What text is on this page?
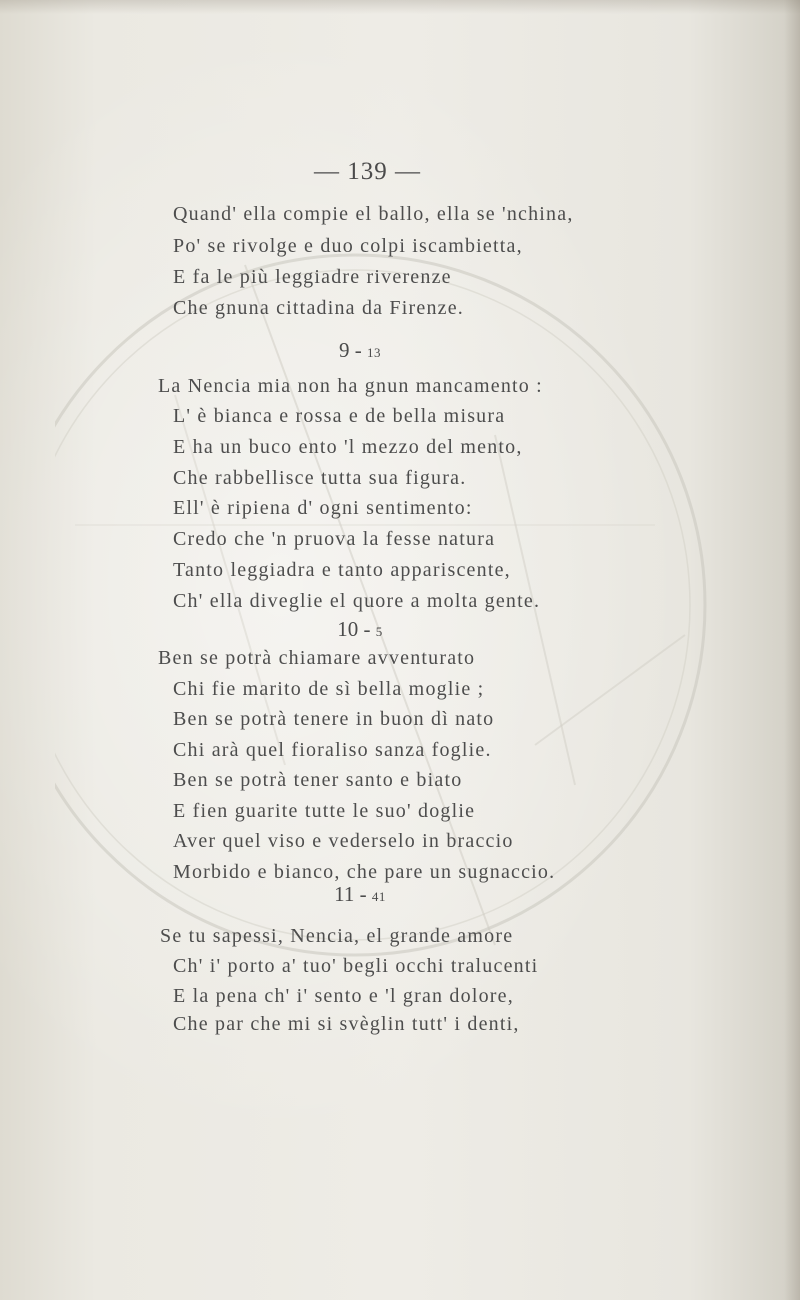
— 139 —
Quand' ella compie el ballo, ella se 'nchina,
Po' se rivolge e duo colpi iscambietta,
E fa le più leggiadre riverenze
Che gnuna cittadina da Firenze.
9 - 13
La Nencia mia non ha gnun mancamento :
L' è bianca e rossa e de bella misura
E ha un buco ento 'l mezzo del mento,
Che rabbellisce tutta sua figura.
Ell' è ripiena d' ogni sentimento:
Credo che 'n pruova la fesse natura
Tanto leggiadra e tanto appariscente,
Ch' ella diveglie el quore a molta gente.
10 - 5
Ben se potrà chiamare avventurato
Chi fie marito de sì bella moglie ;
Ben se potrà tenere in buon dì nato
Chi arà quel fioraliso sanza foglie.
Ben se potrà tener santo e biato
E fien guarite tutte le suo' doglie
Aver quel viso e vederselo in braccio
Morbido e bianco, che pare un sugnaccio.
11 - 41
Se tu sapessi, Nencia, el grande amore
Ch' i' porto a' tuo' begli occhi tralucenti
E la pena ch' i' sento e 'l gran dolore,
Che par che mi si svèglin tutt' i denti,
